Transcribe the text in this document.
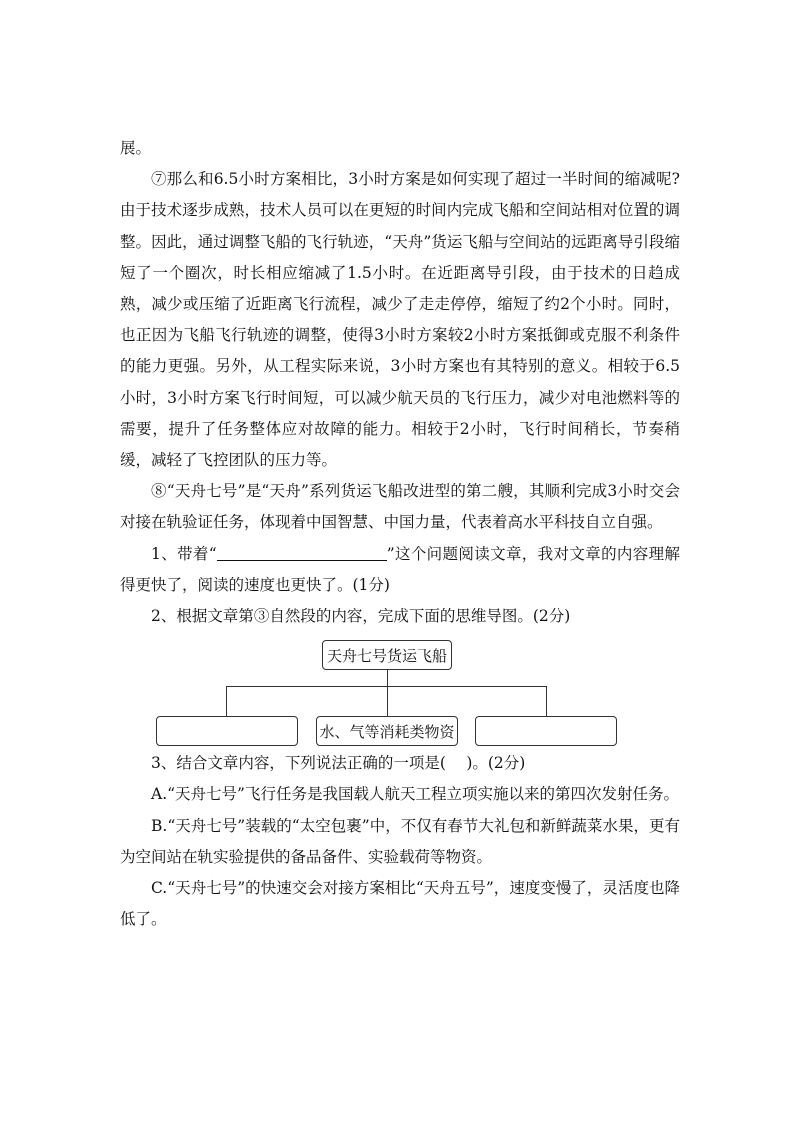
展。

⑦那么和6.5小时方案相比，3小时方案是如何实现了超过一半时间的缩减呢?由于技术逐步成熟，技术人员可以在更短的时间内完成飞船和空间站相对位置的调整。因此，通过调整飞船的飞行轨迹，“天舟”货运飞船与空间站的远距离导引段缩短了一个圈次，时长相应缩减了1.5小时。在近距离导引段，由于技术的日趋成熟，减少或压缩了近距离飞行流程，减少了走走停停，缩短了约2个小时。同时，也正因为飞船飞行轨迹的调整，使得3小时方案较2小时方案抵御或克服不利条件的能力更强。另外，从工程实际来说，3小时方案也有其特别的意义。相较于6.5小时，3小时方案飞行时间短，可以减少航天员的飞行压力，减少对电池燃料等的需要，提升了任务整体应对故障的能力。相较于2小时，飞行时间稍长，节奏稍缓，减轻了飞控团队的压力等。

⑧“天舟七号”是“天舟”系列货运飞船改进型的第二艘，其顺利完成3小时交会对接在轨验证任务，体现着中国智慧、中国力量，代表着高水平科技自立自强。

1、带着“	”这个问题阅读文章，我对文章的内容理解得更快了，阅读的速度也更快了。(1分)

2、根据文章第③自然段的内容，完成下面的思维导图。(2分)

天舟七号货运飞船
水、气等消耗类物资

3、结合文章内容，下列说法正确的一项是(　 )。(2分)

A.“天舟七号”飞行任务是我国载人航天工程立项实施以来的第四次发射任务。

B.“天舟七号”装载的“太空包裹”中，不仅有春节大礼包和新鲜蔬菜水果，更有为空间站在轨实验提供的备品备件、实验载荷等物资。

C.“天舟七号”的快速交会对接方案相比“天舟五号”，速度变慢了，灵活度也降低了。
